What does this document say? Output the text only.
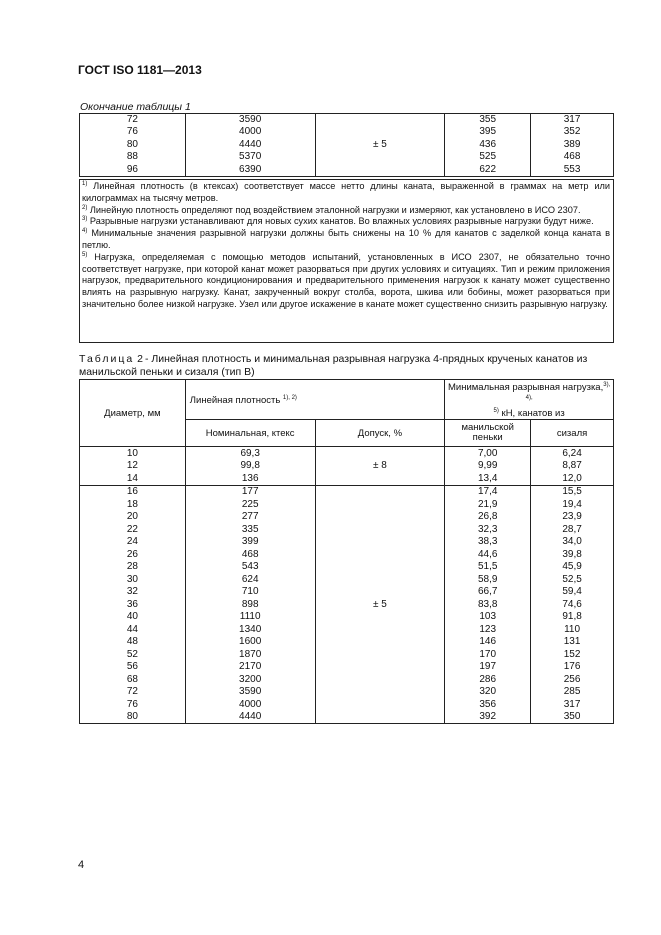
ГОСТ ISO 1181—2013
Окончание таблицы 1
72	3590	± 5	355	317
76	4000		395	352
80	4440		436	389
88	5370		525	468
96	6390		622	553

$^{1)}$ Линейная плотность (в ктексах) соответствует массе нетто длины каната, выраженной в граммах на метр или килограммах на тысячу метров.

$^{2)}$ Линейную плотность определяют под воздействием эталонной нагрузки и измеряют, как установлено в ИСО 2307.

$^{3)}$ Разрывные нагрузки устанавливают для новых сухих канатов. Во влажных условиях разрывные нагрузки будут ниже.

$^{4)}$ Минимальные значения разрывной нагрузки должны быть снижены на 10 % для канатов с заделкой конца каната в петлю.

$^{5)}$ Нагрузка, определяемая с помощью методов испытаний, установленных в ИСО 2307, не обязательно точно соответствует нагрузке, при которой канат может разорваться при других условиях и ситуациях. Тип и режим приложения нагрузок, предварительного кондиционирования и предварительного применения нагрузок к канату может существенно влиять на разрывную нагрузку. Канат, закрученный вокруг столба, ворота, шкива или бобины, может разорваться при значительно более низкой нагрузке. Узел или другое искажение в канате может существенно снизить разрывную нагрузку.

Таблица 2- Линейная плотность и минимальная разрывная нагрузка 4-прядных крученых канатов из манильской пеньки и сизаля (тип B)
Диаметр, мм	Линейная плотность $^{1), 2)}$		Минимальная разрывная нагрузка,$^{3), 4),}$
$^{5)}$ кН, канатов из	
	Номинальная, ктекс	Допуск, %	манильской пеньки	сизаля
10	69,3	± 8	7,00	6,24
12	99,8		9,99	8,87
14	136		13,4	12,0
16	177	± 5	17,4	15,5
18	225		21,9	19,4
20	277		26,8	23,9
22	335		32,3	28,7
24	399		38,3	34,0
26	468		44,6	39,8
28	543		51,5	45,9
30	624		58,9	52,5
32	710		66,7	59,4
36	898		83,8	74,6
40	1110		103	91,8
44	1340		123	110
48	1600		146	131
52	1870		170	152
56	2170		197	176
68	3200		286	256
72	3590		320	285
76	4000		356	317
80	4440		392	350
4
